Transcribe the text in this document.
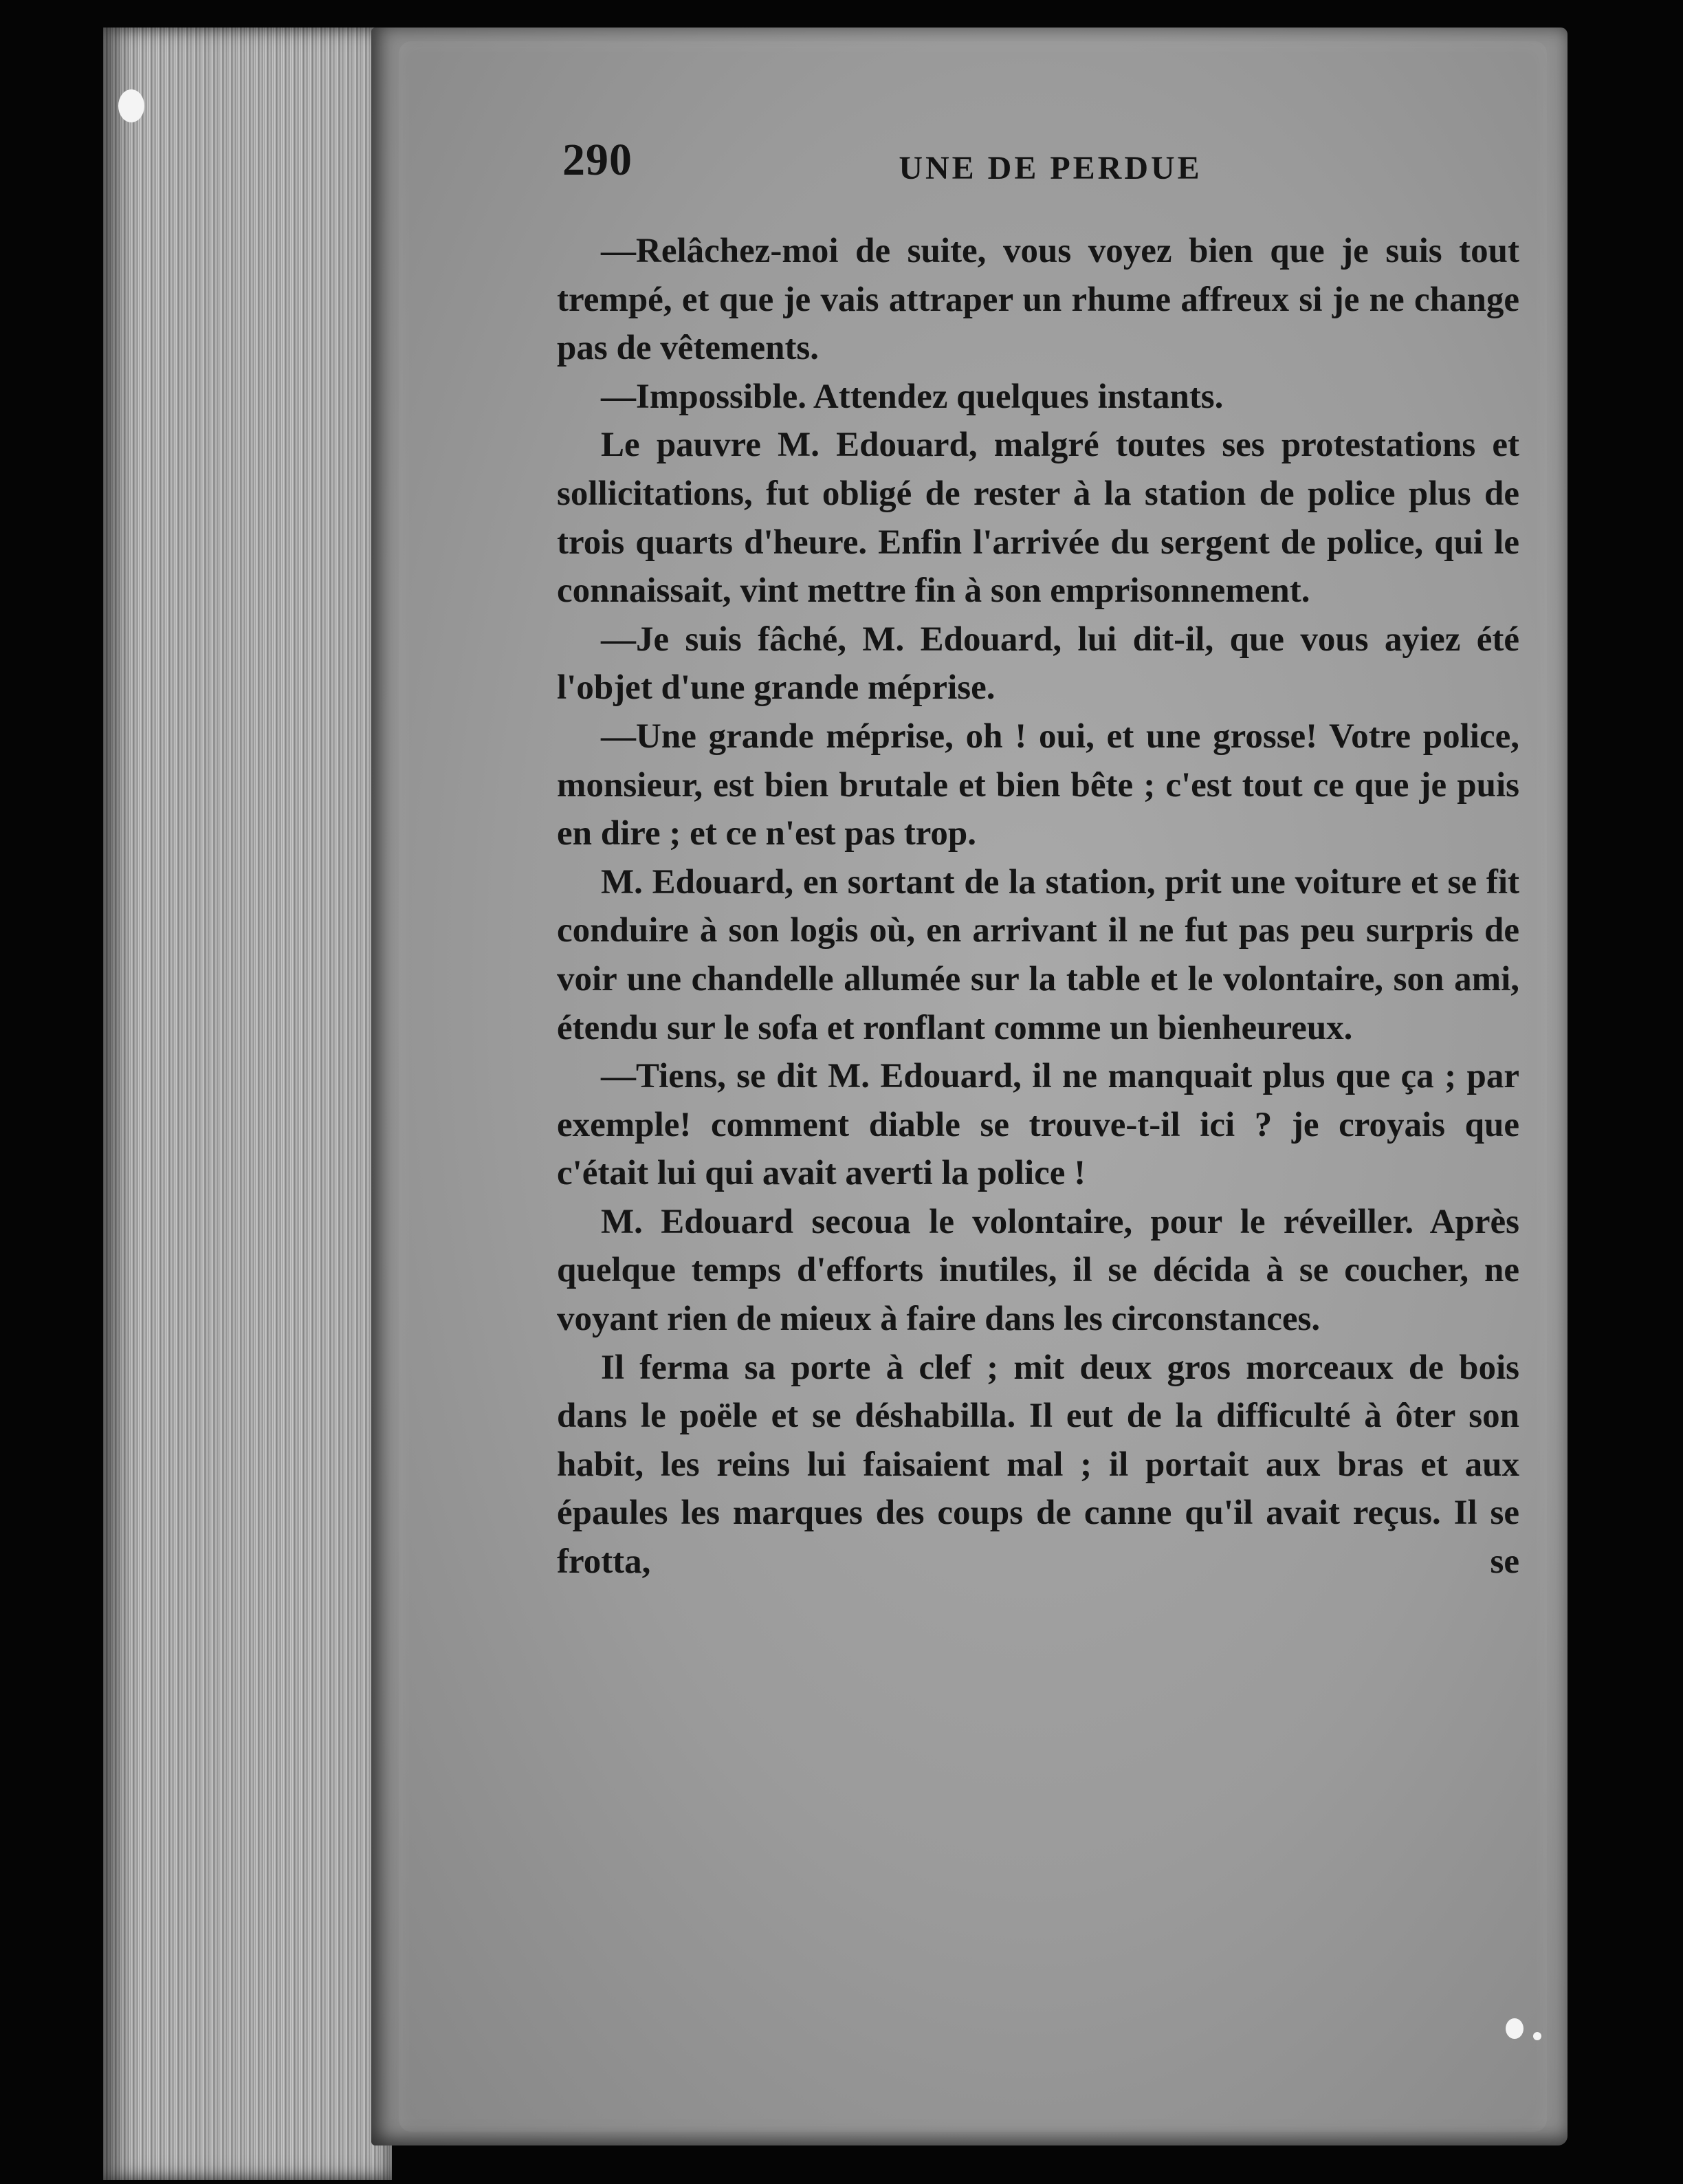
290	UNE DE PERDUE

—Relâchez-moi de suite, vous voyez bien que je suis tout trempé, et que je vais attraper un rhume affreux si je ne change pas de vêtements.

—Impossible. Attendez quelques instants.

Le pauvre M. Edouard, malgré toutes ses protestations et sollicitations, fut obligé de rester à la station de police plus de trois quarts d'heure. Enfin l'arrivée du sergent de police, qui le connaissait, vint mettre fin à son emprisonnement.

—Je suis fâché, M. Edouard, lui dit-il, que vous ayiez été l'objet d'une grande méprise.

—Une grande méprise, oh ! oui, et une grosse! Votre police, monsieur, est bien brutale et bien bête ; c'est tout ce que je puis en dire ; et ce n'est pas trop.

M. Edouard, en sortant de la station, prit une voiture et se fit conduire à son logis où, en arrivant il ne fut pas peu surpris de voir une chandelle allumée sur la table et le volontaire, son ami, étendu sur le sofa et ronflant comme un bienheureux.

—Tiens, se dit M. Edouard, il ne manquait plus que ça ; par exemple! comment diable se trouve-t-il ici ? je croyais que c'était lui qui avait averti la police !

M. Edouard secoua le volontaire, pour le réveiller. Après quelque temps d'efforts inutiles, il se décida à se coucher, ne voyant rien de mieux à faire dans les circonstances.

Il ferma sa porte à clef ; mit deux gros morceaux de bois dans le poële et se déshabilla. Il eut de la difficulté à ôter son habit, les reins lui faisaient mal ; il portait aux bras et aux épaules les marques des coups de canne qu'il avait reçus. Il se frotta, se
